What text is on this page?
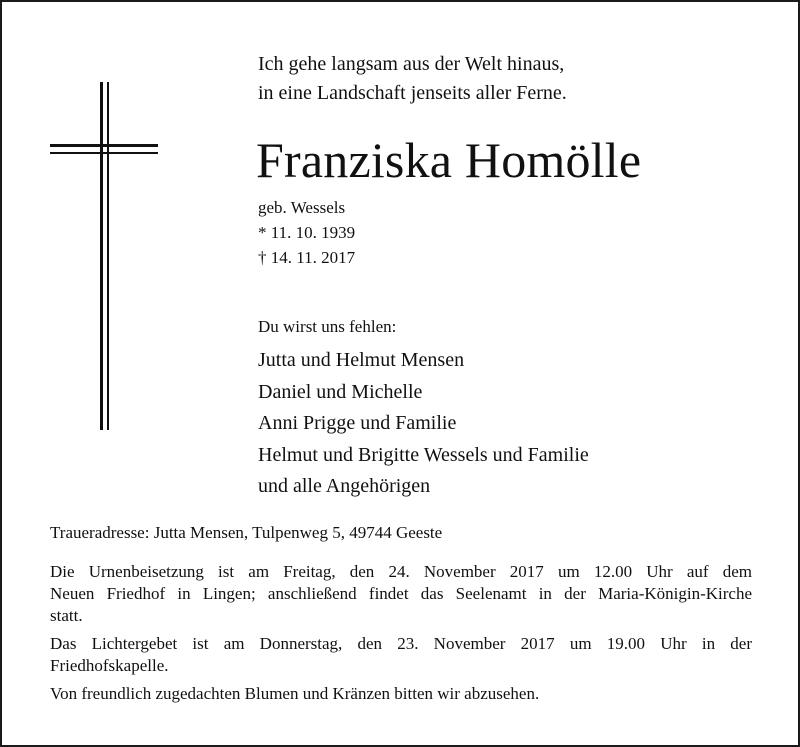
Ich gehe langsam aus der Welt hinaus,
in eine Landschaft jenseits aller Ferne.
Franziska Homölle
geb. Wessels
* 11. 10. 1939
† 14. 11. 2017
Du wirst uns fehlen:
Jutta und Helmut Mensen
Daniel und Michelle
Anni Prigge und Familie
Helmut und Brigitte Wessels und Familie
und alle Angehörigen
Traueradresse: Jutta Mensen, Tulpenweg 5, 49744 Geeste
Die Urnenbeisetzung ist am Freitag, den 24. November 2017 um 12.00 Uhr auf dem
Neuen Friedhof in Lingen; anschließend findet das Seelenamt in der Maria-Königin-Kirche
statt.
Das Lichtergebet ist am Donnerstag, den 23. November 2017 um 19.00 Uhr in der
Friedhofskapelle.
Von freundlich zugedachten Blumen und Kränzen bitten wir abzusehen.
